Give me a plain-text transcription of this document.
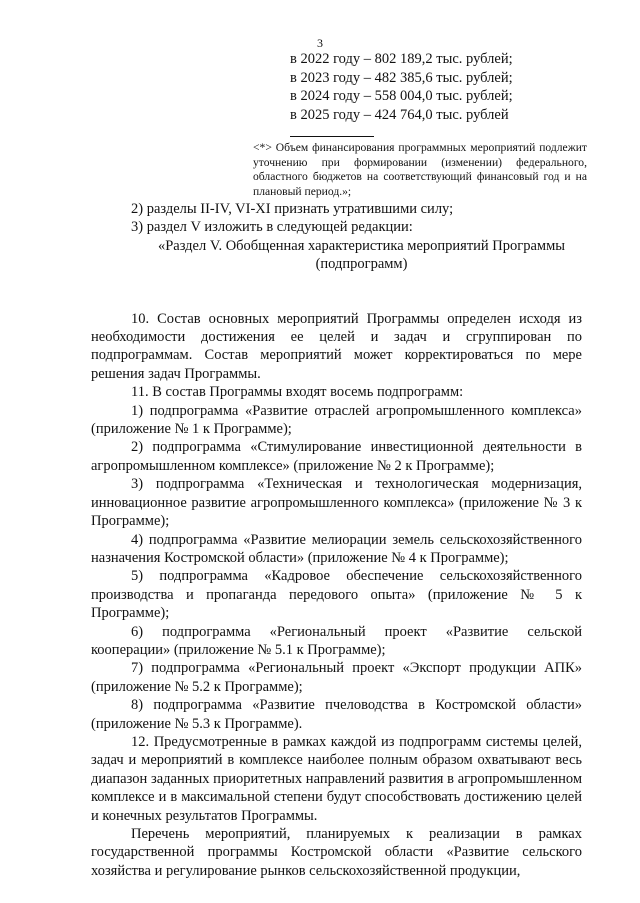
3
в 2022 году – 802 189,2 тыс. рублей;
в 2023 году – 482 385,6 тыс. рублей;
в 2024 году – 558 004,0 тыс. рублей;
в 2025 году – 424 764,0 тыс. рублей
<*> Объем финансирования программных мероприятий подлежит уточнению при формировании (изменении) федерального, областного бюджетов на соответствующий финансовый год и на плановый период.»;

2) разделы II-IV, VI-XI признать утратившими силу;

3) раздел V изложить в следующей редакции:

«Раздел V. Обобщенная характеристика мероприятий Программы (подпрограмм)

10. Состав основных мероприятий Программы определен исходя из необходимости достижения ее целей и задач и сгруппирован по подпрограммам. Состав мероприятий может корректироваться по мере решения задач Программы.

11. В состав Программы входят восемь подпрограмм:

1) подпрограмма «Развитие отраслей агропромышленного комплекса» (приложение № 1 к Программе);

2) подпрограмма «Стимулирование инвестиционной деятельности в агропромышленном комплексе» (приложение № 2 к Программе);

3) подпрограмма «Техническая и технологическая модернизация, инновационное развитие агропромышленного комплекса» (приложение № 3 к Программе);

4) подпрограмма «Развитие мелиорации земель сельскохозяйственного назначения Костромской области» (приложение № 4 к Программе);

5) подпрограмма «Кадровое обеспечение сельскохозяйственного производства и пропаганда передового опыта» (приложение № 5 к Программе);

6) подпрограмма «Региональный проект «Развитие сельской кооперации» (приложение № 5.1 к Программе);

7) подпрограмма «Региональный проект «Экспорт продукции АПК» (приложение № 5.2 к Программе);

8) подпрограмма «Развитие пчеловодства в Костромской области» (приложение № 5.3 к Программе).

12. Предусмотренные в рамках каждой из подпрограмм системы целей, задач и мероприятий в комплексе наиболее полным образом охватывают весь диапазон заданных приоритетных направлений развития в агропромышленном комплексе и в максимальной степени будут способствовать достижению целей и конечных результатов Программы.

Перечень мероприятий, планируемых к реализации в рамках государственной программы Костромской области «Развитие сельского хозяйства и регулирование рынков сельскохозяйственной продукции,
